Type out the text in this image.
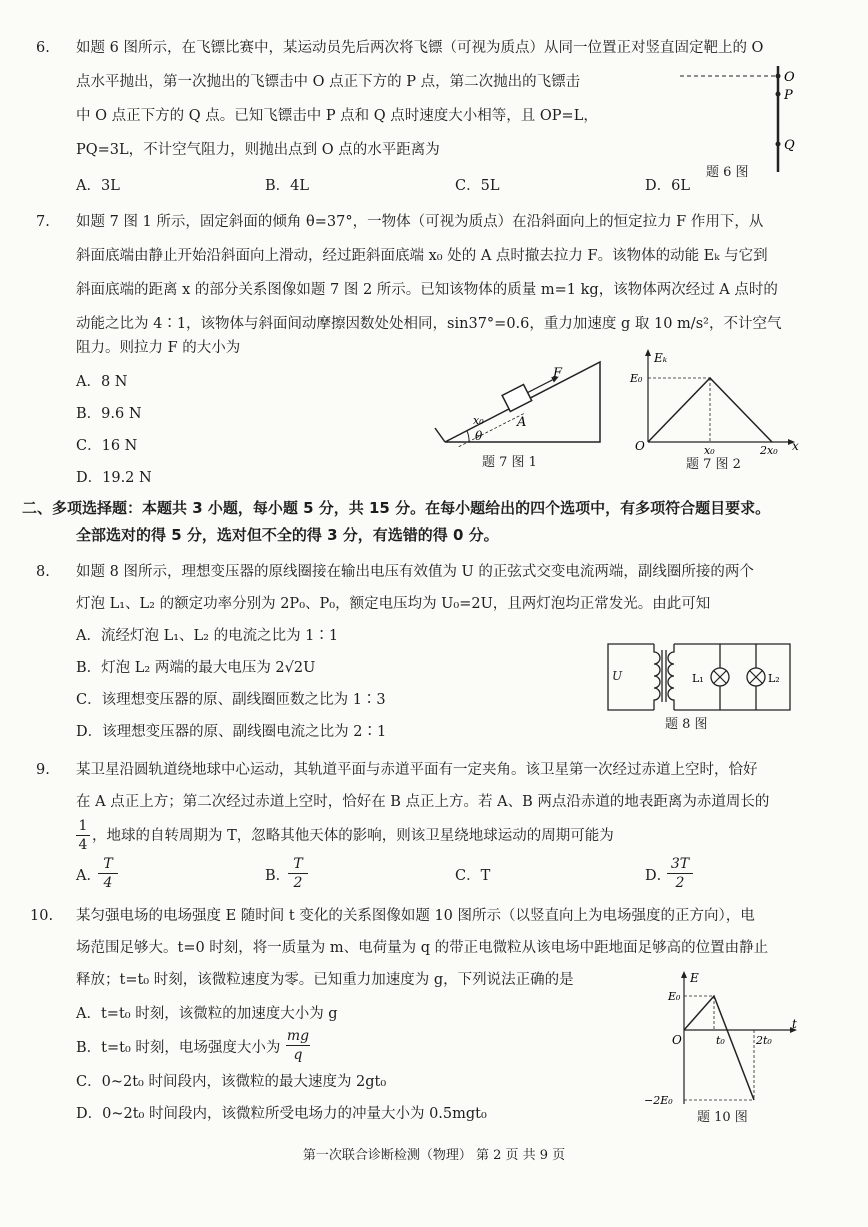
6. 如题 6 图所示，在飞镖比赛中，某运动员先后两次将飞镖（可视为质点）从同一位置正对竖直固定靶上的 O
点水平抛出，第一次抛出的飞镖击中 O 点正下方的 P 点，第二次抛出的飞镖击
中 O 点正下方的 Q 点。已知飞镖击中 P 点和 Q 点时速度大小相等，且 OP=L，
PQ=3L，不计空气阻力，则抛出点到 O 点的水平距离为
A．3L	B．4L	C．5L	D．6L
O
P
Q
题 6 图
7. 如题 7 图 1 所示，固定斜面的倾角 θ=37°，一物体（可视为质点）在沿斜面向上的恒定拉力 F 作用下，从
斜面底端由静止开始沿斜面向上滑动，经过距斜面底端 x₀ 处的 A 点时撤去拉力 F。该物体的动能 Eₖ 与它到
斜面底端的距离 x 的部分关系图像如题 7 图 2 所示。已知该物体的质量 m=1 kg，该物体两次经过 A 点时的
动能之比为 4∶1，该物体与斜面间动摩擦因数处处相同，sin37°=0.6，重力加速度 g 取 10 m/s²，不计空气
阻力。则拉力 F 的大小为
A．8 N
B．9.6 N
C．16 N
D．19.2 N
F
x₀	A
θ
题 7 图 1
Eₖ
E₀
O	x₀	2x₀ x
题 7 图 2
二、多项选择题：本题共 3 小题，每小题 5 分，共 15 分。在每小题给出的四个选项中，有多项符合题目要求。
全部选对的得 5 分，选对但不全的得 3 分，有选错的得 0 分。
8. 如题 8 图所示，理想变压器的原线圈接在输出电压有效值为 U 的正弦式交变电流两端，副线圈所接的两个
灯泡 L₁、L₂ 的额定功率分别为 2P₀、P₀，额定电压均为 U₀=2U，且两灯泡均正常发光。由此可知
A．流经灯泡 L₁、L₂ 的电流之比为 1∶1
B．灯泡 L₂ 两端的最大电压为 2√2U
C．该理想变压器的原、副线圈匝数之比为 1∶3
D．该理想变压器的原、副线圈电流之比为 2∶1
U	L₁	L₂
题 8 图
9. 某卫星沿圆轨道绕地球中心运动，其轨道平面与赤道平面有一定夹角。该卫星第一次经过赤道上空时，恰好
在 A 点正上方；第二次经过赤道上空时，恰好在 B 点正上方。若 A、B 两点沿赤道的地表距离为赤道周长的
1
4
，地球的自转周期为 T，忽略其他天体的影响，则该卫星绕地球运动的周期可能为
A．
T
4	B．
T
2	C．T	D．
3T
2
10. 某匀强电场的电场强度 E 随时间 t 变化的关系图像如题 10 图所示（以竖直向上为电场强度的正方向），电
场范围足够大。t=0 时刻，将一质量为 m、电荷量为 q 的带正电微粒从该电场中距地面足够高的位置由静止
释放；t=t₀ 时刻，该微粒速度为零。已知重力加速度为 g，下列说法正确的是
A．t=t₀ 时刻，该微粒的加速度大小为 g
B．t=t₀ 时刻，电场强度大小为
mg
q
C．0~2t₀ 时间段内，该微粒的最大速度为 2gt₀
D．0~2t₀ 时间段内，该微粒所受电场力的冲量大小为 0.5mgt₀
E
E₀
O	t₀	2t₀
t
−2E₀
题 10 图
第一次联合诊断检测（物理） 第 2 页 共 9 页
